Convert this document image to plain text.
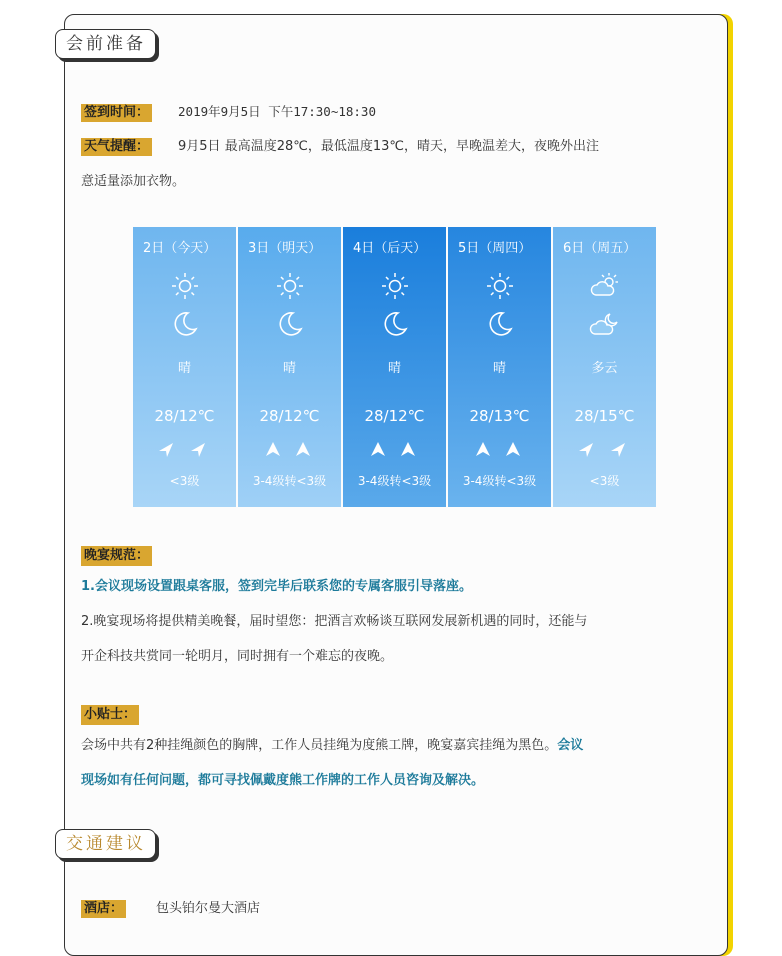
会前准备
签到时间： 2019年9月5日 下午17:30~18:30
天气提醒： 9月5日 最高温度28℃，最低温度13℃，晴天，早晚温差大，夜晚外出注
意适量添加衣物。
2日（今天）
晴
28/12℃
<3级
3日（明天）
晴
28/12℃
3-4级转<3级
4日（后天）
晴
28/12℃
3-4级转<3级
5日（周四）
晴
28/13℃
3-4级转<3级
6日（周五）
多云
28/15℃
<3级
晚宴规范：
1.会议现场设置跟桌客服，签到完毕后联系您的专属客服引导落座。
2.晚宴现场将提供精美晚餐，届时望您：把酒言欢畅谈互联网发展新机遇的同时，还能与
开企科技共赏同一轮明月，同时拥有一个难忘的夜晚。
小贴士：
会场中共有2种挂绳颜色的胸牌，工作人员挂绳为度熊工牌，晚宴嘉宾挂绳为黑色。会议
现场如有任何问题，都可寻找佩戴度熊工作牌的工作人员咨询及解决。
交通建议
酒店：	包头铂尔曼大酒店
